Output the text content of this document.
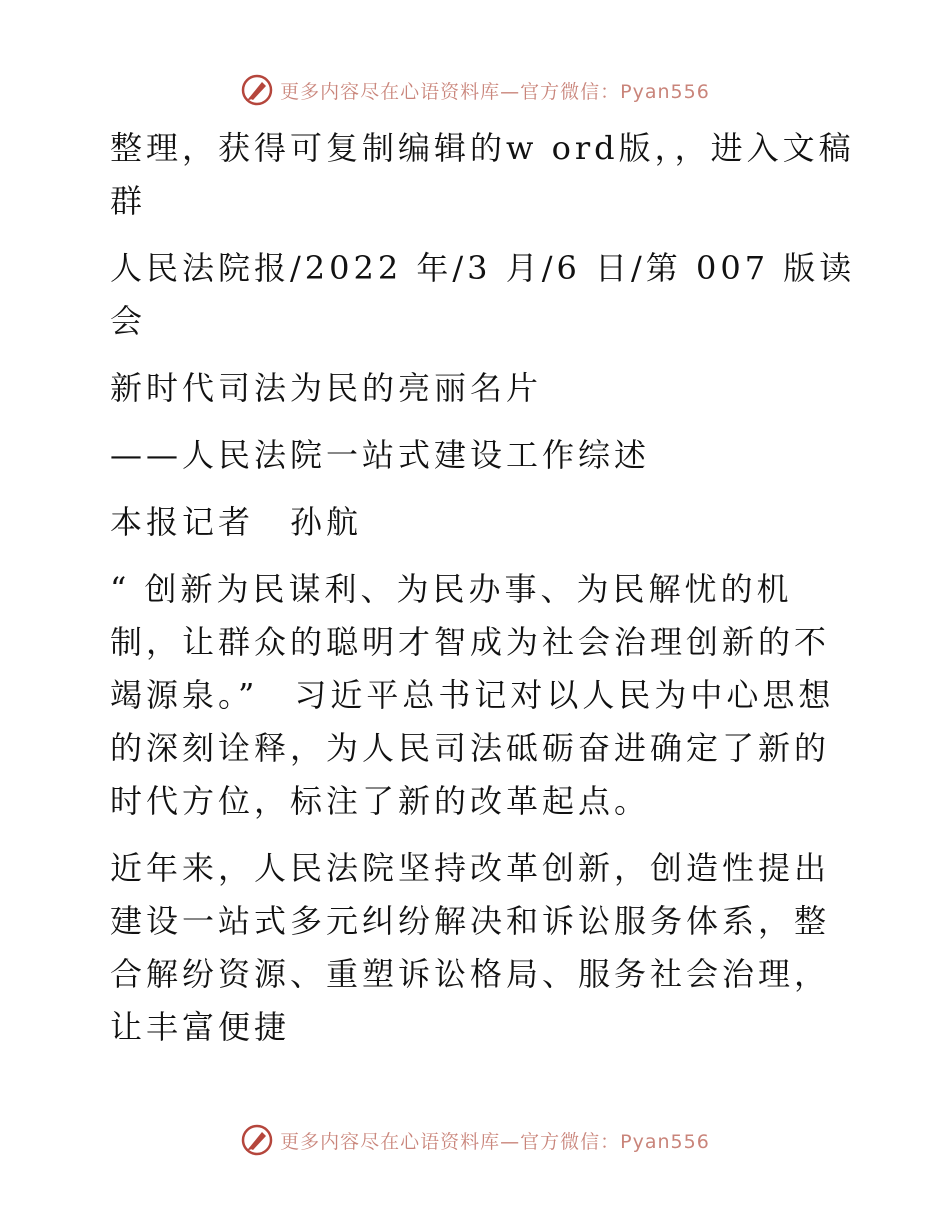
更多内容尽在心语资料库—官方微信：Pyan556

整理，获得可复制编辑的w ord版，，进入文稿群

人民法院报/2022 年/3 月/6 日/第 007 版读会

新时代司法为民的亮丽名片

——人民法院一站式建设工作综述

本报记者　孙航

“ 创新为民谋利、为民办事、为民解忧的机制，让群众的聪明才智成为社会治理创新的不竭源泉。”　习近平总书记对以人民为中心思想的深刻诠释，为人民司法砥砺奋进确定了新的时代方位，标注了新的改革起点。

近年来，人民法院坚持改革创新，创造性提出建设一站式多元纠纷解决和诉讼服务体系，整合解纷资源、重塑诉讼格局、服务社会治理，让丰富便捷

更多内容尽在心语资料库—官方微信：Pyan556
